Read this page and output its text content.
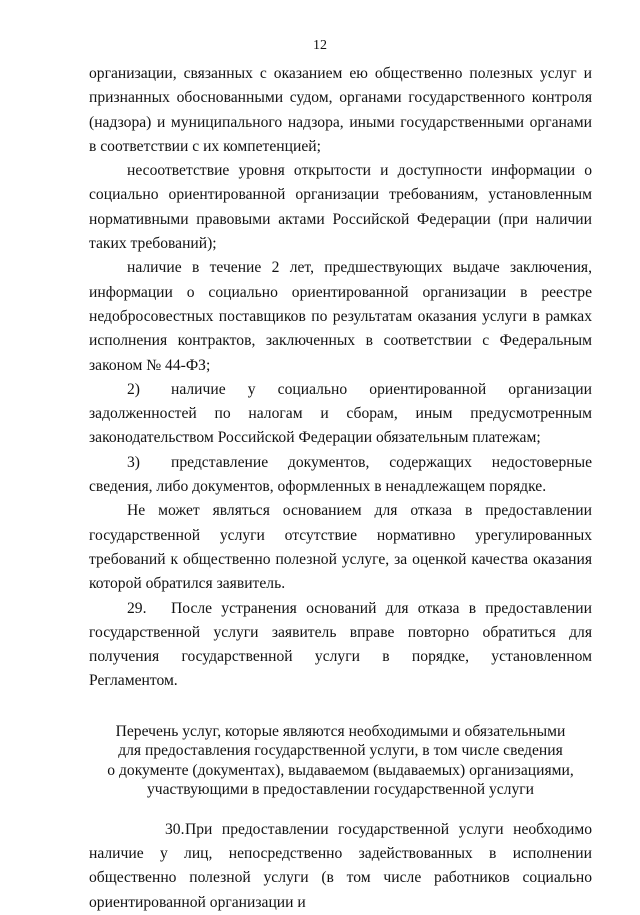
12

организации, связанных с оказанием ею общественно полезных услуг и признанных обоснованными судом, органами государственного контроля (надзора) и муниципального надзора, иными государственными органами в соответствии с их компетенцией;

несоответствие уровня открытости и доступности информации о социально ориентированной организации требованиям, установленным нормативными правовыми актами Российской Федерации (при наличии таких требований);

наличие в течение 2 лет, предшествующих выдаче заключения, информации о социально ориентированной организации в реестре недобросовестных поставщиков по результатам оказания услуги в рамках исполнения контрактов, заключенных в соответствии с Федеральным законом № 44-ФЗ;

2) наличие у социально ориентированной организации задолженностей по налогам и сборам, иным предусмотренным законодательством Российской Федерации обязательным платежам;

3) представление документов, содержащих недостоверные сведения, либо документов, оформленных в ненадлежащем порядке.

Не может являться основанием для отказа в предоставлении государственной услуги отсутствие нормативно урегулированных требований к общественно полезной услуге, за оценкой качества оказания которой обратился заявитель.

29. После устранения оснований для отказа в предоставлении государственной услуги заявитель вправе повторно обратиться для получения государственной услуги в порядке, установленном Регламентом.

Перечень услуг, которые являются необходимыми и обязательными
для предоставления государственной услуги, в том числе сведения
о документе (документах), выдаваемом (выдаваемых) организациями,
участвующими в предоставлении государственной услуги

30.При предоставлении государственной услуги необходимо наличие у лиц, непосредственно задействованных в исполнении общественно полезной услуги (в том числе работников социально ориентированной организации и
